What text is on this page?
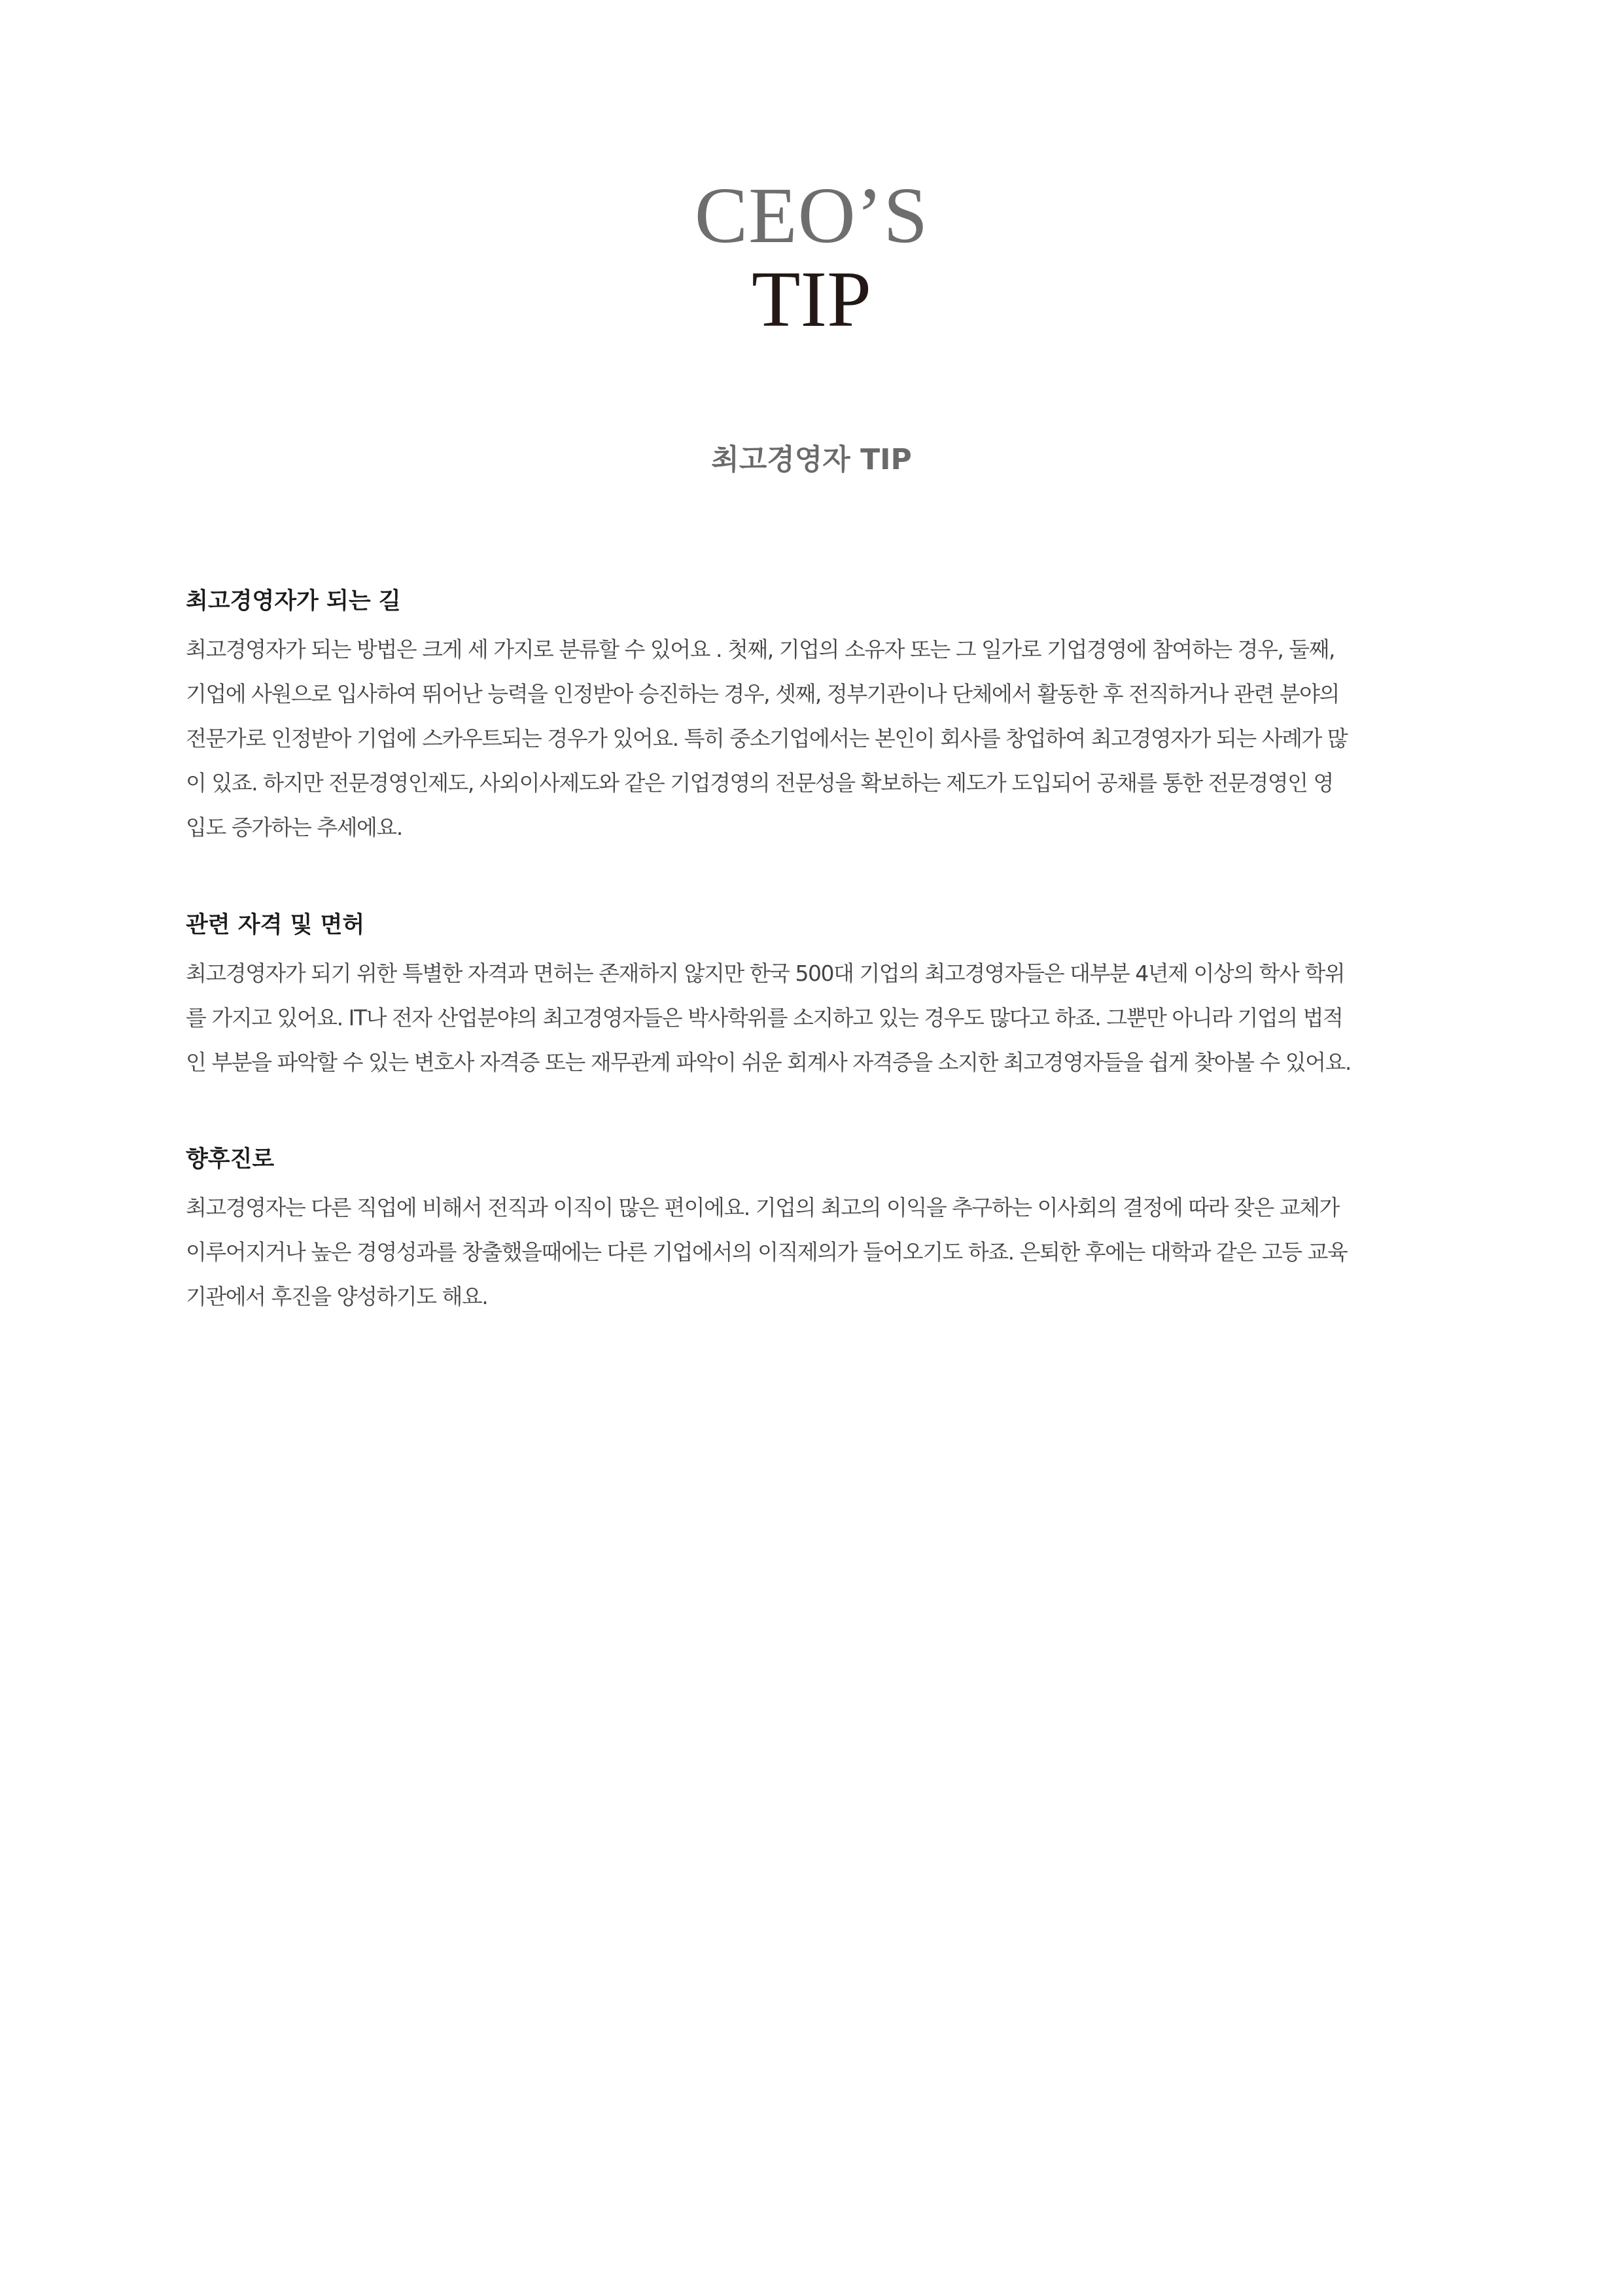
CEO’S
TIP
최고경영자 TIP
최고경영자가 되는 길

최고경영자가 되는 방법은 크게 세 가지로 분류할 수 있어요 . 첫째, 기업의 소유자 또는 그 일가로 기업경영에 참여하는 경우, 둘째,
기업에 사원으로 입사하여 뛰어난 능력을 인정받아 승진하는 경우, 셋째, 정부기관이나 단체에서 활동한 후 전직하거나 관련 분야의
전문가로 인정받아 기업에 스카우트되는 경우가 있어요. 특히 중소기업에서는 본인이 회사를 창업하여 최고경영자가 되는 사례가 많
이 있죠. 하지만 전문경영인제도, 사외이사제도와 같은 기업경영의 전문성을 확보하는 제도가 도입되어 공채를 통한 전문경영인 영
입도 증가하는 추세에요.

관련 자격 및 면허

최고경영자가 되기 위한 특별한 자격과 면허는 존재하지 않지만 한국 500대 기업의 최고경영자들은 대부분 4년제 이상의 학사 학위
를 가지고 있어요. IT나 전자 산업분야의 최고경영자들은 박사학위를 소지하고 있는 경우도 많다고 하죠. 그뿐만 아니라 기업의 법적
인 부분을 파악할 수 있는 변호사 자격증 또는 재무관계 파악이 쉬운 회계사 자격증을 소지한 최고경영자들을 쉽게 찾아볼 수 있어요.

향후진로

최고경영자는 다른 직업에 비해서 전직과 이직이 많은 편이에요. 기업의 최고의 이익을 추구하는 이사회의 결정에 따라 잦은 교체가
이루어지거나 높은 경영성과를 창출했을때에는 다른 기업에서의 이직제의가 들어오기도 하죠. 은퇴한 후에는 대학과 같은 고등 교육
기관에서 후진을 양성하기도 해요.
